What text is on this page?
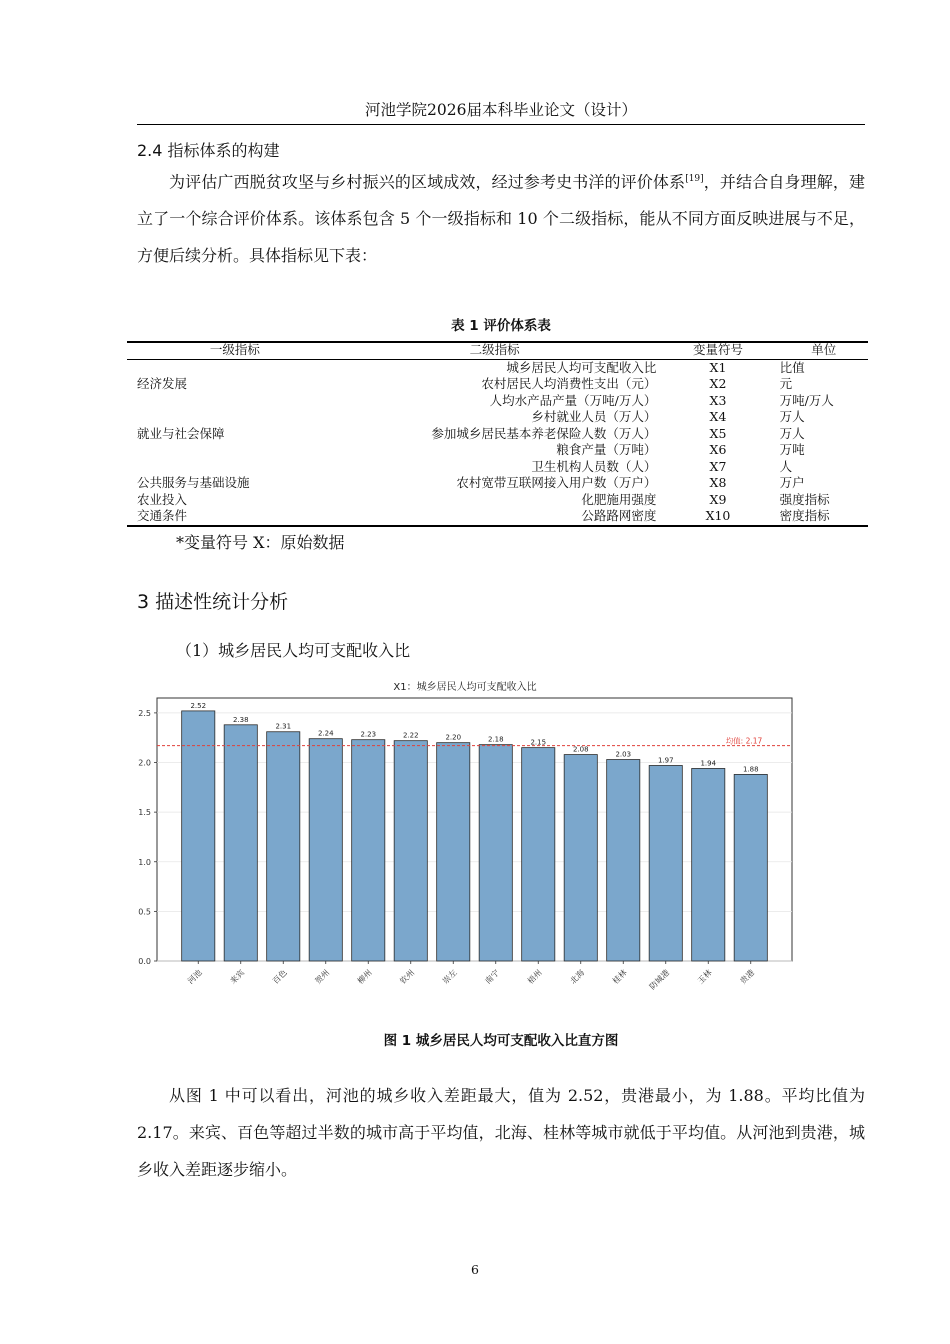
河池学院2026届本科毕业论文（设计）
2.4 指标体系的构建

为评估广西脱贫攻坚与乡村振兴的区域成效，经过参考史书洋的评价体系[19]，并结合自身理解，建立了一个综合评价体系。该体系包含 5 个一级指标和 10 个二级指标，能从不同方面反映进展与不足，方便后续分析。具体指标见下表：

表 1 评价体系表
一级指标	二级指标	变量符号	单位
	城乡居民人均可支配收入比	X1	比值
经济发展	农村居民人均消费性支出（元）	X2	元
	人均水产品产量（万吨/万人）	X3	万吨/万人
	乡村就业人员（万人）	X4	万人
就业与社会保障	参加城乡居民基本养老保险人数（万人）	X5	万人
	粮食产量（万吨）	X6	万吨
	卫生机构人员数（人）	X7	人
公共服务与基础设施	农村宽带互联网接入用户数（万户）	X8	万户
农业投入	化肥施用强度	X9	强度指标
交通条件	公路路网密度	X10	密度指标
*变量符号 X：原始数据
3 描述性统计分析
（1）城乡居民人均可支配收入比
X1：城乡居民人均可支配收入比
0.0
0.5
1.0
1.5
2.0
2.5
2.52
2.38
2.31
2.24	2.23	2.22	2.20	2.18	2.15
2.08
2.03
1.97	1.94
1.88
均值: 2.17
河池	来宾	百色	贺州	柳州	钦州	崇左	南宁	梧州	北海	桂林 防城港	玉林	贵港
图 1 城乡居民人均可支配收入比直方图

从图 1 中可以看出，河池的城乡收入差距最大，值为 2.52，贵港最小，为 1.88。平均比值为 2.17。来宾、百色等超过半数的城市高于平均值，北海、桂林等城市就低于平均值。从河池到贵港，城乡收入差距逐步缩小。

6
